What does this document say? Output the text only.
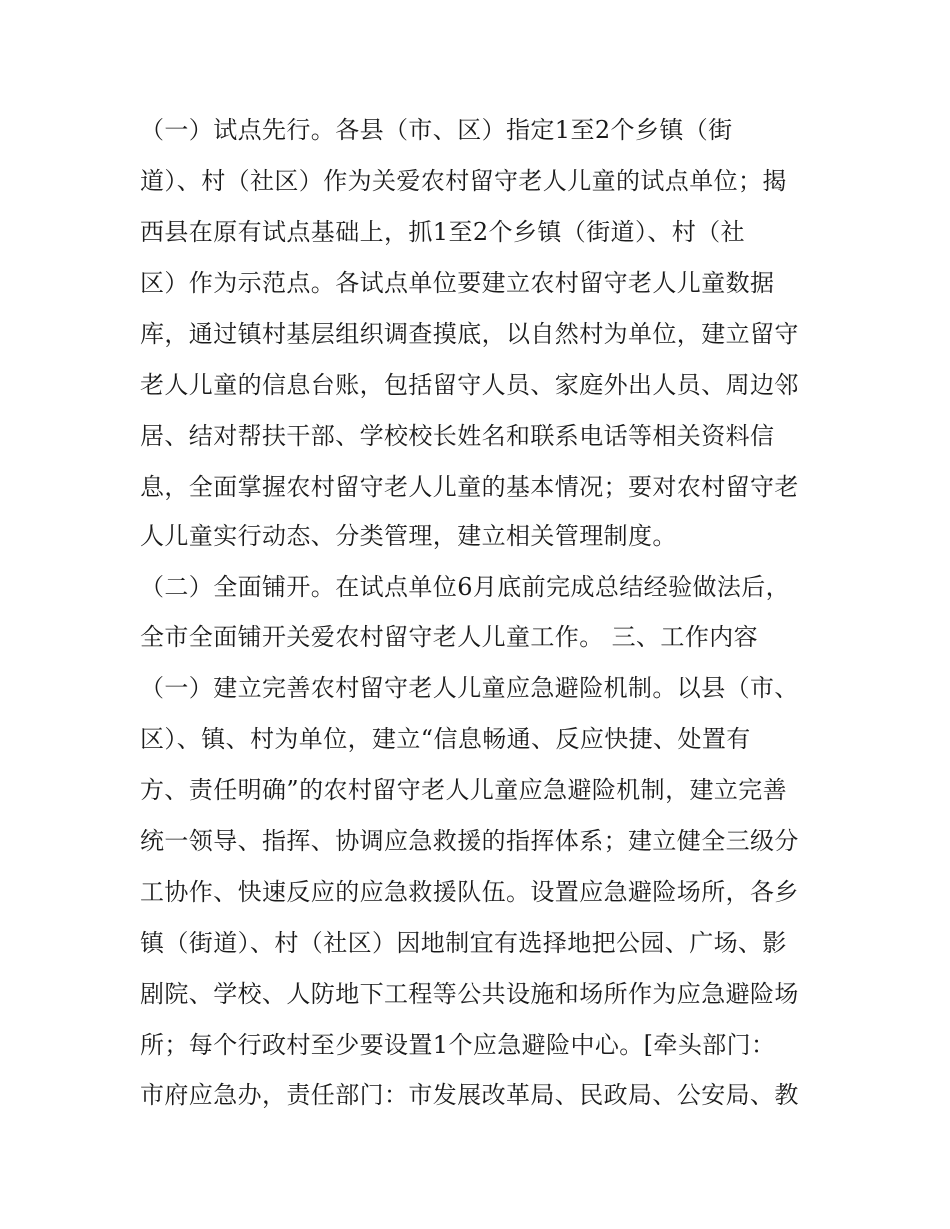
（一）试点先行。各县（市、区）指定1至2个乡镇（街
道）、村（社区）作为关爱农村留守老人儿童的试点单位；揭
西县在原有试点基础上，抓1至2个乡镇（街道）、村（社
区）作为示范点。各试点单位要建立农村留守老人儿童数据
库，通过镇村基层组织调查摸底，以自然村为单位，建立留守
老人儿童的信息台账，包括留守人员、家庭外出人员、周边邻
居、结对帮扶干部、学校校长姓名和联系电话等相关资料信
息，全面掌握农村留守老人儿童的基本情况；要对农村留守老
人儿童实行动态、分类管理，建立相关管理制度。
（二）全面铺开。在试点单位6月底前完成总结经验做法后，
全市全面铺开关爱农村留守老人儿童工作。 三、工作内容
（一）建立完善农村留守老人儿童应急避险机制。以县（市、
区）、镇、村为单位，建立“信息畅通、反应快捷、处置有
方、责任明确”的农村留守老人儿童应急避险机制，建立完善
统一领导、指挥、协调应急救援的指挥体系；建立健全三级分
工协作、快速反应的应急救援队伍。设置应急避险场所，各乡
镇（街道）、村（社区）因地制宜有选择地把公园、广场、影
剧院、学校、人防地下工程等公共设施和场所作为应急避险场
所；每个行政村至少要设置1个应急避险中心。[牵头部门：
市府应急办，责任部门：市发展改革局、民政局、公安局、教
